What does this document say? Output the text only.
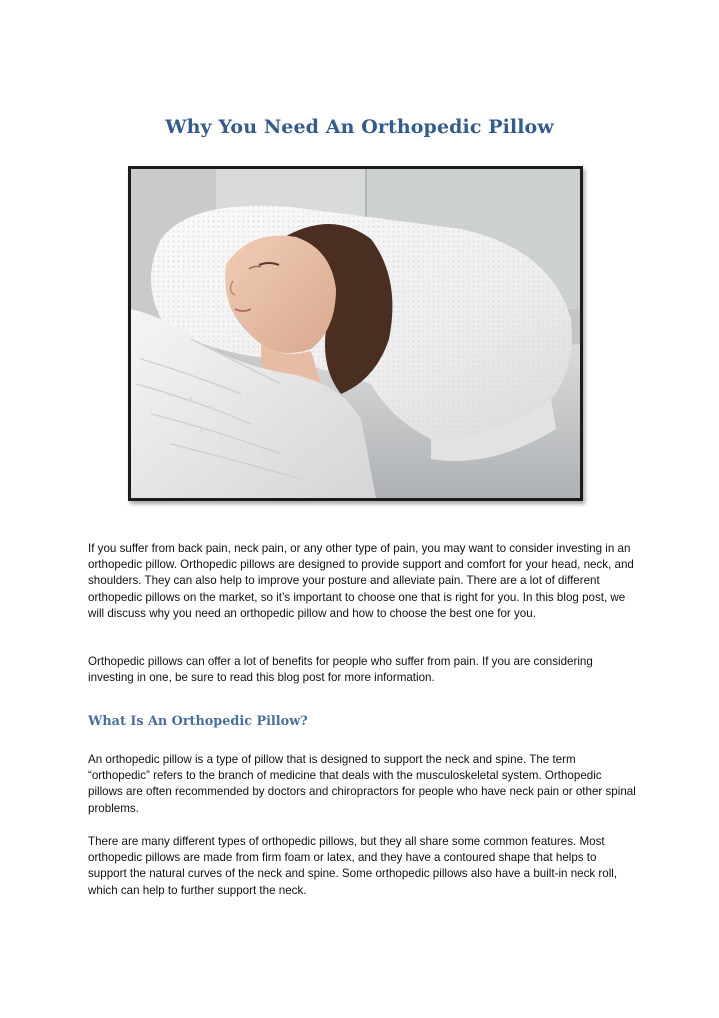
Why You Need An Orthopedic Pillow

If you suffer from back pain, neck pain, or any other type of pain, you may want to consider investing in an orthopedic pillow. Orthopedic pillows are designed to provide support and comfort for your head, neck, and shoulders. They can also help to improve your posture and alleviate pain. There are a lot of different orthopedic pillows on the market, so it’s important to choose one that is right for you. In this blog post, we will discuss why you need an orthopedic pillow and how to choose the best one for you.

Orthopedic pillows can offer a lot of benefits for people who suffer from pain. If you are considering investing in one, be sure to read this blog post for more information.

What Is An Orthopedic Pillow?

An orthopedic pillow is a type of pillow that is designed to support the neck and spine. The term “orthopedic” refers to the branch of medicine that deals with the musculoskeletal system. Orthopedic pillows are often recommended by doctors and chiropractors for people who have neck pain or other spinal problems.

There are many different types of orthopedic pillows, but they all share some common features. Most orthopedic pillows are made from firm foam or latex, and they have a contoured shape that helps to support the natural curves of the neck and spine. Some orthopedic pillows also have a built-in neck roll, which can help to further support the neck.
